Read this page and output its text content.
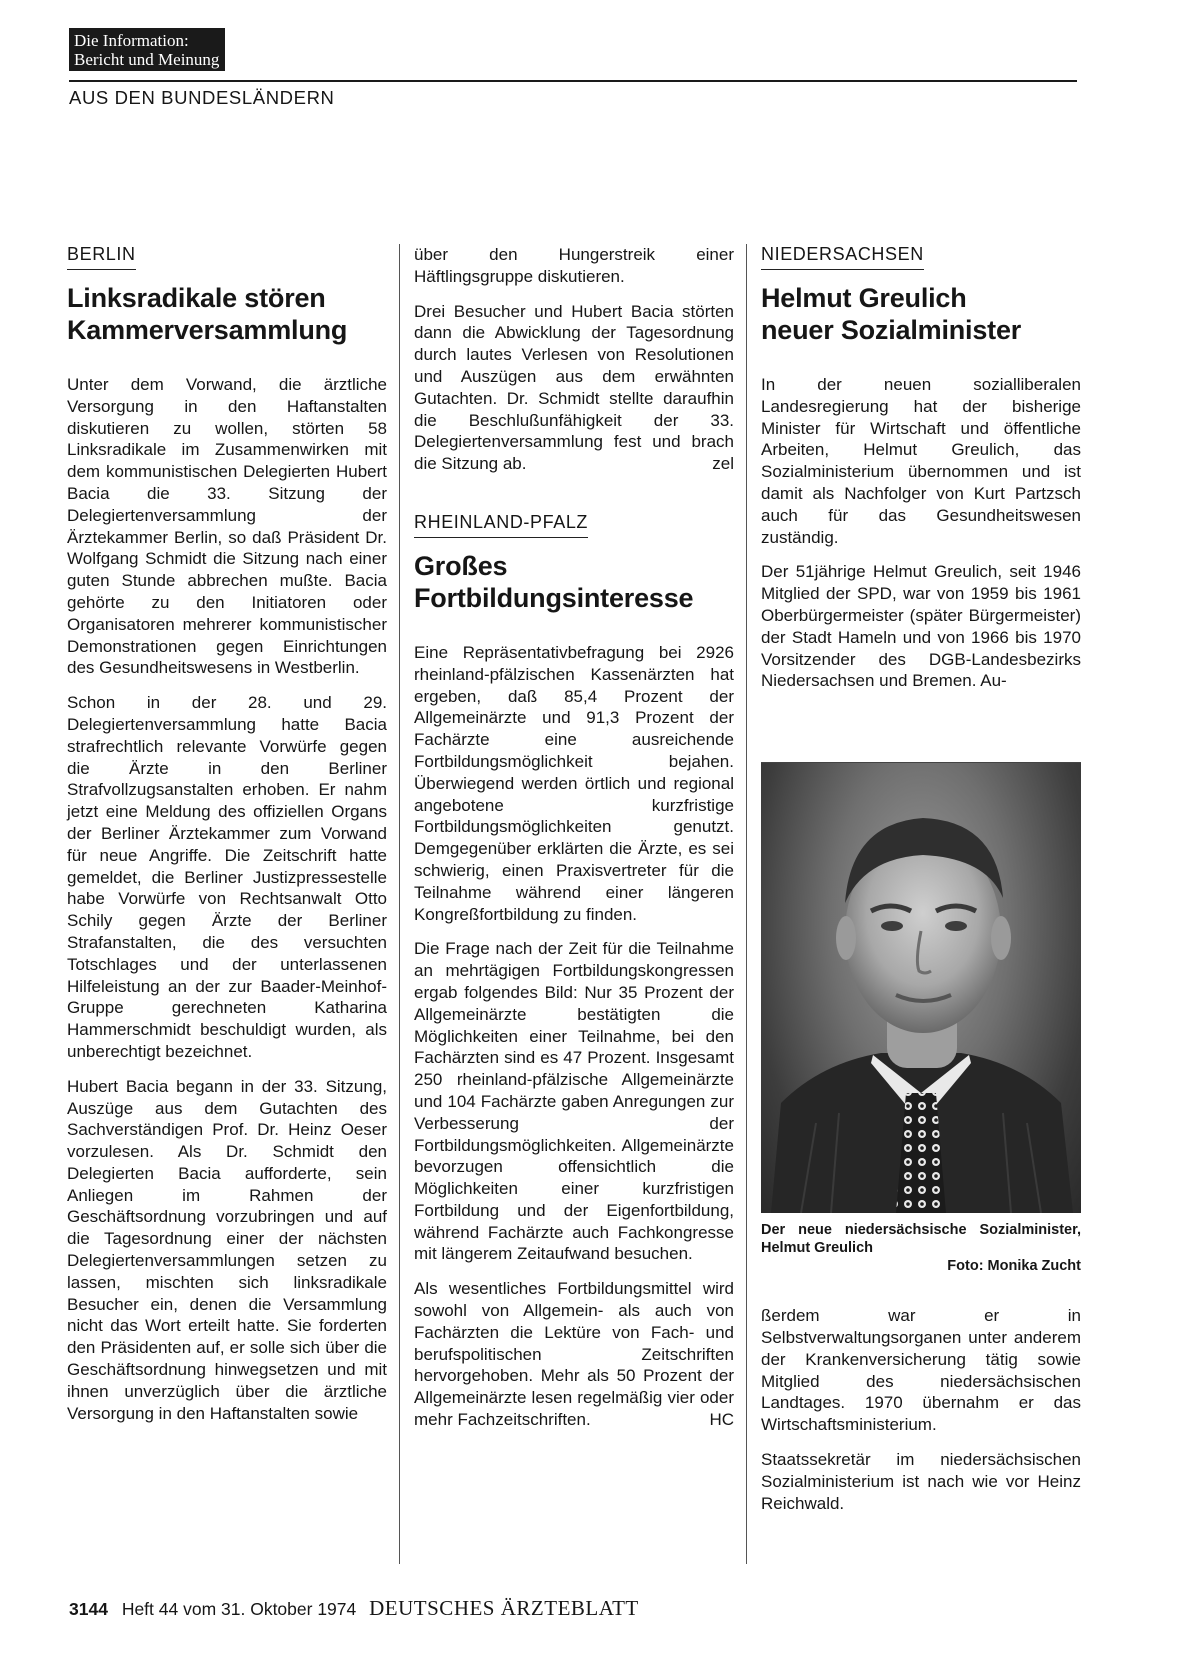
Die Information:
Bericht und Meinung
AUS DEN BUNDESLÄNDERN
BERLIN
Linksradikale stören Kammerversammlung

Unter dem Vorwand, die ärztliche Versorgung in den Haftanstalten diskutieren zu wollen, störten 58 Linksradikale im Zusammenwirken mit dem kommunistischen Delegierten Hubert Bacia die 33. Sitzung der Delegiertenversammlung der Ärztekammer Berlin, so daß Präsident Dr. Wolfgang Schmidt die Sitzung nach einer guten Stunde abbrechen mußte. Bacia gehörte zu den Initiatoren oder Organisatoren mehrerer kommunistischer Demonstrationen gegen Einrichtungen des Gesundheitswesens in Westberlin.

Schon in der 28. und 29. Delegiertenversammlung hatte Bacia strafrechtlich relevante Vorwürfe gegen die Ärzte in den Berliner Strafvollzugsanstalten erhoben. Er nahm jetzt eine Meldung des offiziellen Organs der Berliner Ärztekammer zum Vorwand für neue Angriffe. Die Zeitschrift hatte gemeldet, die Berliner Justizpressestelle habe Vorwürfe von Rechtsanwalt Otto Schily gegen Ärzte der Berliner Strafanstalten, die des versuchten Totschlages und der unterlassenen Hilfeleistung an der zur Baader-Meinhof-Gruppe gerechneten Katharina Hammerschmidt beschuldigt wurden, als unberechtigt bezeichnet.

Hubert Bacia begann in der 33. Sitzung, Auszüge aus dem Gutachten des Sachverständigen Prof. Dr. Heinz Oeser vorzulesen. Als Dr. Schmidt den Delegierten Bacia aufforderte, sein Anliegen im Rahmen der Geschäftsordnung vorzubringen und auf die Tagesordnung einer der nächsten Delegiertenversammlungen setzen zu lassen, mischten sich linksradikale Besucher ein, denen die Versammlung nicht das Wort erteilt hatte. Sie forderten den Präsidenten auf, er solle sich über die Geschäftsordnung hinwegsetzen und mit ihnen unverzüglich über die ärztliche Versorgung in den Haftanstalten sowie

über den Hungerstreik einer Häftlingsgruppe diskutieren.

Drei Besucher und Hubert Bacia störten dann die Abwicklung der Tagesordnung durch lautes Verlesen von Resolutionen und Auszügen aus dem erwähnten Gutachten. Dr. Schmidt stellte daraufhin die Beschlußunfähigkeit der 33. Delegiertenversammlung fest und brach die Sitzung ab.	zel

RHEINLAND-PFALZ
Großes
Fortbildungsinteresse

Eine Repräsentativbefragung bei 2926 rheinland-pfälzischen Kassenärzten hat ergeben, daß 85,4 Prozent der Allgemeinärzte und 91,3 Prozent der Fachärzte eine ausreichende Fortbildungsmöglichkeit bejahen. Überwiegend werden örtlich und regional angebotene kurzfristige Fortbildungsmöglichkeiten genutzt. Demgegenüber erklärten die Ärzte, es sei schwierig, einen Praxisvertreter für die Teilnahme während einer längeren Kongreßfortbildung zu finden.

Die Frage nach der Zeit für die Teilnahme an mehrtägigen Fortbildungskongressen ergab folgendes Bild: Nur 35 Prozent der Allgemeinärzte bestätigten die Möglichkeiten einer Teilnahme, bei den Fachärzten sind es 47 Prozent. Insgesamt 250 rheinland-pfälzische Allgemeinärzte und 104 Fachärzte gaben Anregungen zur Verbesserung der Fortbildungsmöglichkeiten. Allgemeinärzte bevorzugen offensichtlich die Möglichkeiten einer kurzfristigen Fortbildung und der Eigenfortbildung, während Fachärzte auch Fachkongresse mit längerem Zeitaufwand besuchen.

Als wesentliches Fortbildungsmittel wird sowohl von Allgemein- als auch von Fachärzten die Lektüre von Fach- und berufspolitischen Zeitschriften hervorgehoben. Mehr als 50 Prozent der Allgemeinärzte lesen regelmäßig vier oder mehr Fachzeitschriften.	HC

NIEDERSACHSEN
Helmut Greulich
neuer Sozialminister

In der neuen sozialliberalen Landesregierung hat der bisherige Minister für Wirtschaft und öffentliche Arbeiten, Helmut Greulich, das Sozialministerium übernommen und ist damit als Nachfolger von Kurt Partzsch auch für das Gesundheitswesen zuständig.

Der 51jährige Helmut Greulich, seit 1946 Mitglied der SPD, war von 1959 bis 1961 Oberbürgermeister (später Bürgermeister) der Stadt Hameln und von 1966 bis 1970 Vorsitzender des DGB-Landesbezirks Niedersachsen und Bremen. Au-

Der neue niedersächsische Sozialminister, Helmut Greulich

Foto: Monika Zucht

ßerdem war er in Selbstverwaltungsorganen unter anderem der Krankenversicherung tätig sowie Mitglied des niedersächsischen Landtages. 1970 übernahm er das Wirtschaftsministerium.

Staatssekretär im niedersächsischen Sozialministerium ist nach wie vor Heinz Reichwald.

3144 Heft 44 vom 31. Oktober 1974 DEUTSCHES ÄRZTEBLATT
